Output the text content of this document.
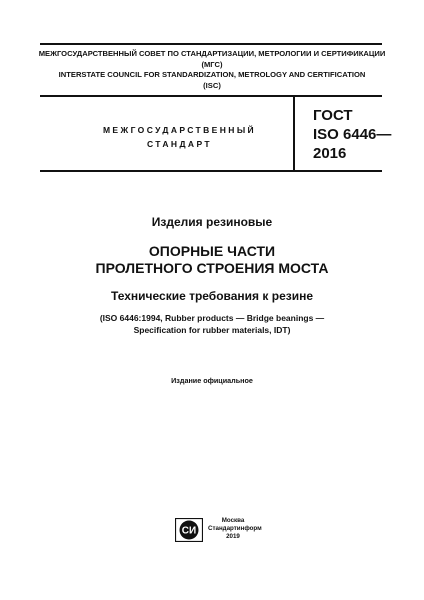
МЕЖГОСУДАРСТВЕННЫЙ СОВЕТ ПО СТАНДАРТИЗАЦИИ, МЕТРОЛОГИИ И СЕРТИФИКАЦИИ
(МГС)
INTERSTATE COUNCIL FOR STANDARDIZATION, METROLOGY AND CERTIFICATION
(ISC)
МЕЖГОСУДАРСТВЕННЫЙ
СТАНДАРТ
ГОСТ
ISO 6446—
2016
Изделия резиновые
ОПОРНЫЕ ЧАСТИ
ПРОЛЕТНОГО СТРОЕНИЯ МОСТА
Технические требования к резине
(ISO 6446:1994, Rubber products — Bridge beanings —
Specification for rubber materials, IDT)
Издание официальное
СИ
Москва
Стандартинформ
2019
